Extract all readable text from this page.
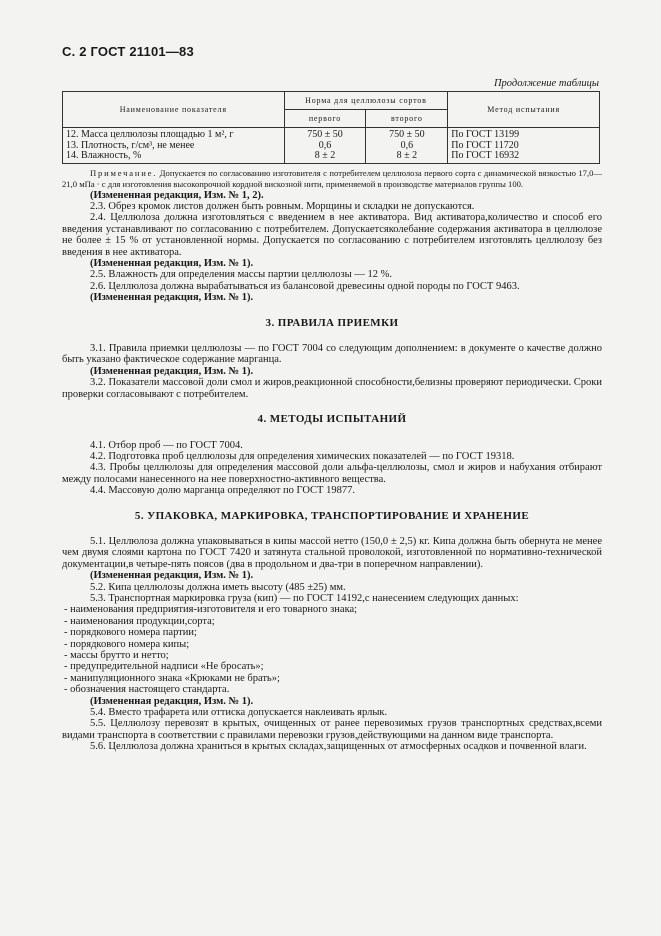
С. 2 ГОСТ 21101—83
Продолжение таблицы
Наименование показателя	Норма для целлюлозы сортов		Метод испытания
	первого	второго	
12. Масса целлюлозы площадью 1 м², г	750 ± 50	750 ± 50	По ГОСТ 13199
13. Плотность, г/см³, не менее	0,6	0,6	По ГОСТ 11720
14. Влажность, %	8 ± 2	8 ± 2	По ГОСТ 16932

Примечание. Допускается по согласованию изготовителя с потребителем целлюлоза первого сорта с динамической вязкостью 17,0—21,0 мПа · с для изготовления высокопрочной кордной вискозной нити, применяемой в производстве материалов группы 100.

(Измененная редакция, Изм. № 1, 2).

2.3. Обрез кромок листов должен быть ровным. Морщины и складки не допускаются.

2.4. Целлюлоза должна изготовляться с введением в нее активатора. Вид активатора,количество и способ его введения устанавливают по согласованию с потребителем. Допускаетсяколебание содержания активатора в целлюлозе не более ± 15 % от установленной нормы. Допускается по согласованию с потребителем изготовлять целлюлозу без введения в нее активатора.

(Измененная редакция, Изм. № 1).

2.5. Влажность для определения массы партии целлюлозы — 12 %.

2.6. Целлюлоза должна вырабатываться из балансовой древесины одной породы по ГОСТ 9463.

(Измененная редакция, Изм. № 1).

3. ПРАВИЛА ПРИЕМКИ

3.1. Правила приемки целлюлозы — по ГОСТ 7004 со следующим дополнением: в документе о качестве должно быть указано фактическое содержание марганца.

(Измененная редакция, Изм. № 1).

3.2. Показатели массовой доли смол и жиров,реакционной способности,белизны проверяют периодически. Сроки проверки согласовывают с потребителем.

4. МЕТОДЫ ИСПЫТАНИЙ

4.1. Отбор проб — по ГОСТ 7004.

4.2. Подготовка проб целлюлозы для определения химических показателей — по ГОСТ 19318.

4.3. Пробы целлюлозы для определения массовой доли альфа-целлюлозы, смол и жиров и набухания отбирают между полосами нанесенного на нее поверхностно-активного вещества.

4.4. Массовую долю марганца определяют по ГОСТ 19877.

5. УПАКОВКА, МАРКИРОВКА, ТРАНСПОРТИРОВАНИЕ И ХРАНЕНИЕ

5.1. Целлюлоза должна упаковываться в кипы массой нетто (150,0 ± 2,5) кг. Кипа должна быть обернута не менее чем двумя слоями картона по ГОСТ 7420 и затянута стальной проволокой, изготовленной по нормативно-технической документации,в четыре-пять поясов (два в продольном и два-три в поперечном направлении).

(Измененная редакция, Изм. № 1).

5.2. Кипа целлюлозы должна иметь высоту (485 ±25) мм.

5.3. Транспортная маркировка груза (кип) — по ГОСТ 14192,с нанесением следующих данных:

- наименования предприятия-изготовителя и его товарного знака;

- наименования продукции,сорта;

- порядкового номера партии;

- порядкового номера кипы;

- массы брутто и нетто;

- предупредительной надписи «Не бросать»;

- манипуляционного знака «Крюками не брать»;

- обозначения настоящего стандарта.

(Измененная редакция, Изм. № 1).

5.4. Вместо трафарета или оттиска допускается наклеивать ярлык.

5.5. Целлюлозу перевозят в крытых, очищенных от ранее перевозимых грузов транспортных средствах,всеми видами транспорта в соответствии с правилами перевозки грузов,действующими на данном виде транспорта.

5.6. Целлюлоза должна храниться в крытых складах,защищенных от атмосферных осадков и почвенной влаги.
